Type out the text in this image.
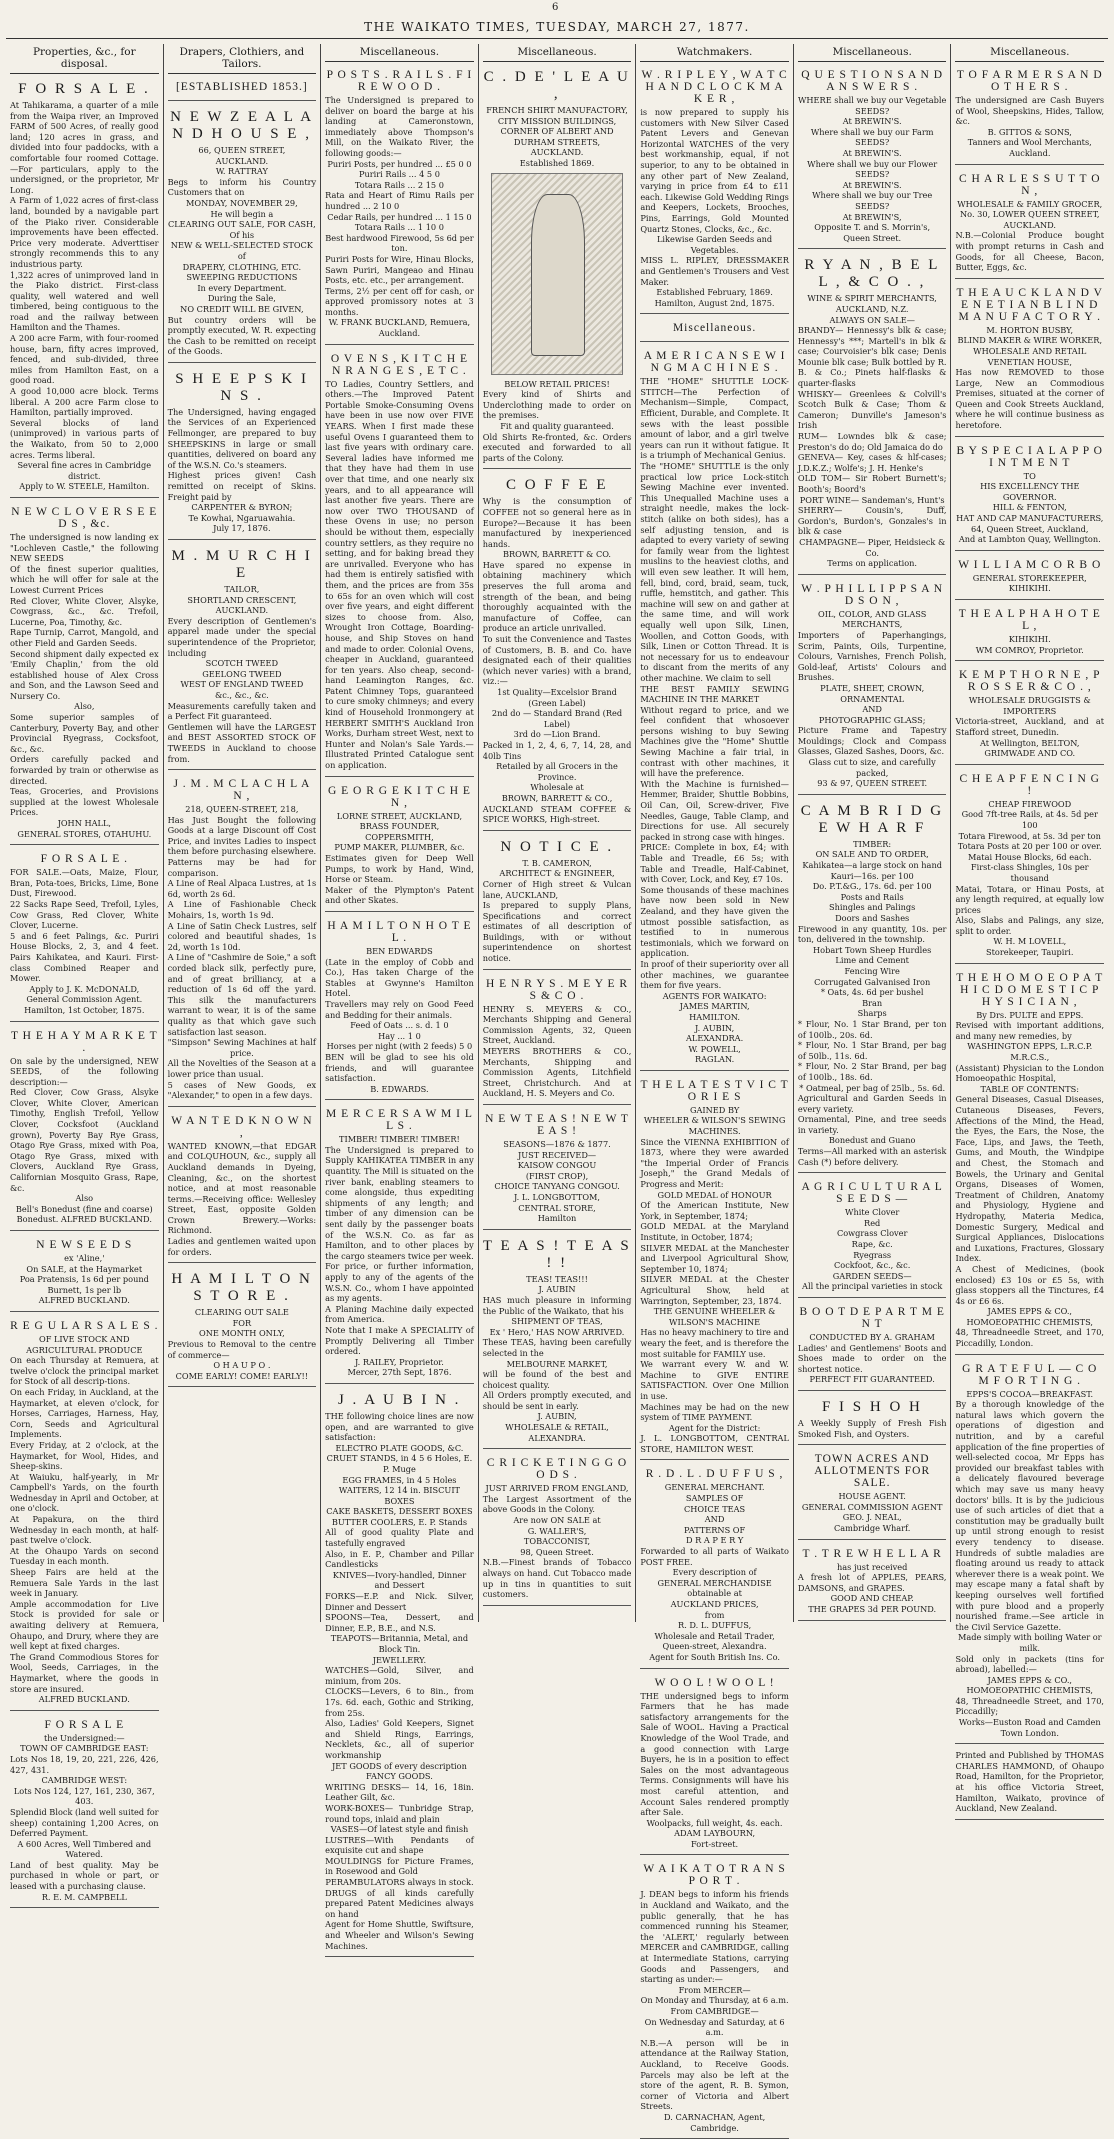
6
THE WAIKATO TIMES, TUESDAY, MARCH 27, 1877.
Properties, &c., for disposal.
F O R S A L E .
At Tahikarama, a quarter of a mile from the Waipa river, an Improved FARM of 500 Acres, of really good land; 120 acres in grass, and divided into four paddocks, with a comfortable four roomed Cottage.—For particulars, apply to the undersigned, or the proprietor, Mr Long.
A Farm of 1,022 acres of first-class land, bounded by a navigable part of the Piako river. Considerable improvements have been effected. Price very moderate. Adverttiser strongly recommends this to any industrious party.
1,322 acres of unimproved land in the Piako district. First-class quality, well watered and well timbered, being contiguous to the road and the railway between Hamilton and the Thames.
A 200 acre Farm, with four-roomed house, barn, fifty acres improved, fenced, and sub-divided, three miles from Hamilton East, on a good road.
A good 10,000 acre block. Terms liberal. A 200 acre Farm close to Hamilton, partially improved.
Several blocks of land (unimproved) in various parts of the Waikato, from 50 to 2,000 acres. Terms liberal.
Several fine acres in Cambridge district.
Apply to W. STEELE, Hamilton.
N E W C L O V E R S E E D S , &c.
The undersigned is now landing ex "Lochleven Castle," the following NEW SEEDS
Of the finest superior qualities, which he will offer for sale at the Lowest Current Prices
Red Clover, White Clover, Alsyke, Cowgrass, &c., &c. Trefoil, Lucerne, Poa, Timothy, &c.
Rape Turnip, Carrot, Mangold, and other Field and Garden Seeds.
Second shipment daily expected ex 'Emily Chaplin,' from the old established house of Alex Cross and Son, and the Lawson Seed and Nursery Co.
Also,
Some superior samples of Canterbury, Poverty Bay, and other Provincial Ryegrass, Cocksfoot, &c., &c.
Orders carefully packed and forwarded by train or otherwise as directed.
Teas, Groceries, and Provisions supplied at the lowest Wholesale Prices.
JOHN HALL,
GENERAL STORES, OTAHUHU.
F O R S A L E .
FOR SALE.—Oats, Maize, Flour, Bran, Pota-toes, Bricks, Lime, Bone Dust, Firewood.
22 Sacks Rape Seed, Trefoil, Lyles, Cow Grass, Red Clover, White Clover, Lucerne.
5 and 6 feet Palings, &c. Puriri House Blocks, 2, 3, and 4 feet. Pairs Kahikatea, and Kauri. First-class Combined Reaper and Mower.
Apply to J. K. McDONALD,
General Commission Agent.
Hamilton, 1st October, 1875.
T H E H A Y M A R K E T .
On sale by the undersigned, NEW SEEDS, of the following description:—
Red Clover, Cow Grass, Alsyke Clover, White Clover, American Timothy, English Trefoil, Yellow Clover, Cocksfoot (Auckland grown), Poverty Bay Rye Grass, Otago Rye Grass, mixed with Poa, Otago Rye Grass, mixed with Clovers, Auckland Rye Grass, Californian Mosquito Grass, Rape, &c.
Also
Bell's Bonedust (fine and coarse)
Bonedust. ALFRED BUCKLAND.
N E W S E E D S
ex 'Aline,'
On SALE, at the Haymarket
Poa Pratensis, 1s 6d per pound
Burnett, 1s per lb
ALFRED BUCKLAND.
R E G U L A R S A L E S .
OF LIVE STOCK AND AGRICULTURAL PRODUCE
On each Thursday at Remuera, at twelve o'clock the principal market for Stock of all descrip-tions.
On each Friday, in Auckland, at the Haymarket, at eleven o'clock, for Horses, Carriages, Harness, Hay, Corn, Seeds and Agricultural Implements.
Every Friday, at 2 o'clock, at the Haymarket, for Wool, Hides, and Sheep-skins.
At Waiuku, half-yearly, in Mr Campbell's Yards, on the fourth Wednesday in April and October, at one o'clock.
At Papakura, on the third Wednesday in each month, at half-past twelve o'clock.
At the Ohaupo Yards on second Tuesday in each month.
Sheep Fairs are held at the Remuera Sale Yards in the last week in January.
Ample accommodation for Live Stock is provided for sale or awaiting delivery at Remuera, Ohaupo, and Drury, where they are well kept at fixed charges.
The Grand Commodious Stores for Wool, Seeds, Carriages, in the Haymarket, where the goods in store are insured.
ALFRED BUCKLAND.
F O R S A L E
the Undersigned:—
TOWN OF CAMBRIDGE EAST:
Lots Nos 18, 19, 20, 221, 226, 426, 427, 431.
CAMBRIDGE WEST:
Lots Nos 124, 127, 161, 230, 367, 403.
Splendid Block (land well suited for sheep) containing 1,200 Acres, on Deferred Payment.
A 600 Acres, Well Timbered and Watered.
Land of best quality. May be purchased in whole or part, or leased with a purchasing clause.
R. E. M. CAMPBELL
Drapers, Clothiers, and Tailors.
[ESTABLISHED 1853.]
N E W Z E A L A N D H O U S E ,
66, QUEEN STREET,
AUCKLAND.
W. RATTRAY
Begs to inform his Country Customers that on
MONDAY, NOVEMBER 29,
He will begin a
CLEARING OUT SALE, FOR CASH,
Of his
NEW & WELL-SELECTED STOCK of
DRAPERY, CLOTHING, ETC.
SWEEPING REDUCTIONS
In every Department.
During the Sale,
NO CREDIT WILL BE GIVEN,
But country orders will be promptly executed, W. R. expecting the Cash to be remitted on receipt of the Goods.
S H E E P S K I N S .
The Undersigned, having engaged the Services of an Experienced Fellmonger, are prepared to buy SHEEPSKINS in large or small quantities, delivered on board any of the W.S.N. Co.'s steamers.
Highest prices given! Cash remitted on receipt of Skins. Freight paid by
CARPENTER & BYRON;
Te Kowhai, Ngaruawahia.
July 17, 1876.
M . M U R C H I E
TAILOR,
SHORTLAND CRESCENT, AUCKLAND.
Every description of Gentlemen's apparel made under the special superintendence of the Proprietor, including
SCOTCH TWEED
GEELONG TWEED
WEST OF ENGLAND TWEED
&c., &c., &c.
Measurements carefully taken and a Perfect Fit guaranteed.
Gentlemen will have the LARGEST and BEST ASSORTED STOCK OF TWEEDS in Auckland to choose from.
J . M . M C L A C H L A N ,
218, QUEEN-STREET, 218,
Has Just Bought the following Goods at a large Discount off Cost Price, and invites Ladies to inspect them before purchasing elsewhere. Patterns may be had for comparison.
A Line of Real Alpaca Lustres, at 1s 6d, worth 2s 6d.
A Line of Fashionable Check Mohairs, 1s, worth 1s 9d.
A Line of Satin Check Lustres, self colored and beautiful shades, 1s 2d, worth 1s 10d.
A Line of "Cashmire de Soie," a soft corded black silk, perfectly pure, and of great brilliancy, at a reduction of 1s 6d off the yard. This silk the manufacturers warrant to wear, it is of the same quality as that which gave such satisfaction last season.
"Simpson" Sewing Machines at half price.
All the Novelties of the Season at a lower price than usual.
5 cases of New Goods, ex "Alexander," to open in a few days.
W A N T E D K N O W N ,
WANTED KNOWN,—that EDGAR and COLQUHOUN, &c., supply all Auckland demands in Dyeing, Cleaning, &c., on the shortest notice, and at most reasonable terms.—Receiving office: Wellesley Street, East, opposite Golden Crown Brewery.—Works: Richmond.
Ladies and gentlemen waited upon for orders.
H A M I L T O N S T O R E .
CLEARING OUT SALE
FOR
ONE MONTH ONLY,
Previous to Removal to the centre of commerce—
O H A U P O .
COME EARLY! COME! EARLY!!
Miscellaneous.
P O S T S . R A I L S . F I R E W O O D .
The Undersigned is prepared to deliver on board the barge at his landing at Cameronstown, immediately above Thompson's Mill, on the Waikato River, the following goods:—
Puriri Posts, per hundred ... £5 0 0
Puriri Rails ... 4 5 0
Totara Rails ... 2 15 0
Rata and Heart of Rimu Rails per hundred ... 2 10 0
Cedar Rails, per hundred ... 1 15 0
Totara Rails ... 1 10 0
Best hardwood Firewood, 5s 6d per ton.
Puriri Posts for Wire, Hinau Blocks, Sawn Puriri, Mangeao and Hinau Posts, etc. etc., per arrangement.
Terms, 2½ per cent off for cash, or approved promissory notes at 3 months.
W. FRANK BUCKLAND, Remuera, Auckland.
O V E N S , K I T C H E N R A N G E S , E T C .
TO Ladies, Country Settlers, and others.—The Improved Patent Portable Smoke-Consuming Ovens have been in use now over FIVE YEARS. When I first made these useful Ovens I guaranteed them to last five years with ordinary care. Several ladies have informed me that they have had them in use over that time, and one nearly six years, and to all appearance will last another five years. There are now over TWO THOUSAND of these Ovens in use; no person should be without them, especially country settlers, as they require no setting, and for baking bread they are unrivalled. Everyone who has had them is entirely satisfied with them, and the prices are from 35s to 65s for an oven which will cost over five years, and eight different sizes to choose from. Also, Wrought Iron Cottage, Boarding-house, and Ship Stoves on hand and made to order. Colonial Ovens, cheaper in Auckland, guaranteed for ten years. Also cheap, second-hand Leamington Ranges, &c. Patent Chimney Tops, guaranteed to cure smoky chimneys; and every kind of Household Ironmongery at HERBERT SMITH'S Auckland Iron Works, Durham street West, next to Hunter and Nolan's Sale Yards.—Illustrated Printed Catalogue sent on application.
G E O R G E K I T C H E N ,
LORNE STREET, AUCKLAND,
BRASS FOUNDER, COPPERSMITH,
PUMP MAKER, PLUMBER, &c.
Estimates given for Deep Well Pumps, to work by Hand, Wind, Horse or Steam.
Maker of the Plympton's Patent and other Skates.
H A M I L T O N H O T E L .
BEN EDWARDS
(Late in the employ of Cobb and Co.), Has taken Charge of the Stables at Gwynne's Hamilton Hotel.
Travellers may rely on Good Feed and Bedding for their animals.
Feed of Oats ... s. d. 1 0
Hay ... 1 0
Horses per night (with 2 feeds) 5 0
BEN will be glad to see his old friends, and will guarantee satisfaction.
B. EDWARDS.
M E R C E R S A W M I L L S .
TIMBER! TIMBER! TIMBER!
The Undersigned is prepared to Supply KAHIKATEA TIMBER in any quantity. The Mill is situated on the river bank, enabling steamers to come alongside, thus expediting shipments of any length; and timber of any dimension can be sent daily by the passenger boats of the W.S.N. Co. as far as Hamilton, and to other places by the cargo steamers twice per week.
For price, or further information, apply to any of the agents of the W.S.N. Co., whom I have appointed as my agents.
A Planing Machine daily expected from America.
Note that I make A SPECIALITY of Promptly Delivering all Timber ordered.
J. RAILEY, Proprietor.
Mercer, 27th Sept, 1876.
J . A U B I N .
THE following choice lines are now open, and are warranted to give satisfaction:
ELECTRO PLATE GOODS, &C.
CRUET STANDS, in 4 5 6 Holes, E. P. Muge
EGG FRAMES, in 4 5 Holes
WAITERS, 12 14 in. BISCUIT BOXES
CAKE BASKETS, DESSERT BOXES
BUTTER COOLERS, E. P. Stands
All of good quality Plate and tastefully engraved
Also, in E. P., Chamber and Pillar Candlesticks
KNIVES—Ivory-handled, Dinner and Dessert
FORKS—E.P. and Nick. Silver, Dinner and Dessert
SPOONS—Tea, Dessert, and Dinner, E.P., B.E., and N.S.
TEAPOTS—Britannia, Metal, and Block Tin.
JEWELLERY.
WATCHES—Gold, Silver, and minium, from 20s.
CLOCKS—Levers, 6 to 8in., from 17s. 6d. each, Gothic and Striking, from 25s.
Also, Ladies' Gold Keepers, Signet and Shield Rings, Earrings, Necklets, &c., all of superior workmanship
JET GOODS of every description
FANCY GOODS.
WRITING DESKS— 14, 16, 18in. Leather Gilt, &c.
WORK-BOXES— Tunbridge Strap, round tops, inlaid and plain
VASES—Of latest style and finish
LUSTRES—With Pendants of exquisite cut and shape
MOULDINGS for Picture Frames, in Rosewood and Gold
PERAMBULATORS always in stock.
DRUGS of all kinds carefully prepared Patent Medicines always on hand
Agent for Home Shuttle, Swiftsure, and Wheeler and Wilson's Sewing Machines.
Miscellaneous.
C . D E ' L E A U ,
FRENCH SHIRT MANUFACTORY,
CITY MISSION BUILDINGS,
CORNER OF ALBERT AND DURHAM STREETS,
AUCKLAND.
Established 1869.
BELOW RETAIL PRICES!
Every kind of Shirts and Underclothing made to order on the premises.
Fit and quality guaranteed.
Old Shirts Re-fronted, &c. Orders executed and forwarded to all parts of the Colony.
C O F F E E
Why is the consumption of COFFEE not so general here as in Europe?—Because it has been manufactured by inexperienced hands.
BROWN, BARRETT & CO.
Have spared no expense in obtaining machinery which preserves the full aroma and strength of the bean, and being thoroughly acquainted with the manufacture of Coffee, can produce an article unrivalled.
To suit the Convenience and Tastes of Customers, B. B. and Co. have designated each of their qualities (which never varies) with a brand, viz.:—
1st Quality—Excelsior Brand (Green Label)
2nd do — Standard Brand (Red Label)
3rd do —Lion Brand.
Packed in 1, 2, 4, 6, 7, 14, 28, and 40lb Tins
Retailed by all Grocers in the Province.
Wholesale at
BROWN, BARRETT & CO.,
AUCKLAND STEAM COFFEE & SPICE WORKS, High-street.
N O T I C E .
T. B. CAMERON,
ARCHITECT & ENGINEER,
Corner of High street & Vulcan lane, AUCKLAND,
Is prepared to supply Plans, Specifications and correct estimates of all description of Buildings, with or without superintendence on shortest notice.
H E N R Y S . M E Y E R S & C O .
HENRY S. MEYERS & CO., Merchants Shipping and General Commission Agents, 32, Queen Street, Auckland.
MEYERS BROTHERS & CO., Merchants, Shipping and Commission Agents, Litchfield Street, Christchurch. And at Auckland, H. S. Meyers and Co.
N E W T E A S ! N E W T E A S !
SEASONS—1876 & 1877.
JUST RECEIVED—
KAISOW CONGOU
(FIRST CROP),
CHOICE TANYANG CONGOU.
J. L. LONGBOTTOM,
CENTRAL STORE,
Hamilton
T E A S ! T E A S ! !
TEAS! TEAS!!!
J. AUBIN
HAS much pleasure in informing the Public of the Waikato, that his
SHIPMENT OF TEAS,
Ex ' Hero,' HAS NOW ARRIVED.
These TEAS, having been carefully selected in the
MELBOURNE MARKET,
will be found of the best and choicest quality.
All Orders promptly executed, and should be sent in early.
J. AUBIN,
WHOLESALE & RETAIL,
ALEXANDRA.
C R I C K E T I N G G O O D S .
JUST ARRIVED FROM ENGLAND,
The Largest Assortment of the above Goods in the Colony.
Are now ON SALE at
G. WALLER'S,
TOBACCONIST,
98, Queen Street.
N.B.—Finest brands of Tobacco always on hand. Cut Tobacco made up in tins in quantities to suit customers.
Watchmakers.
W . R I P L E Y , W A T C H A N D C L O C K M A K E R ,
is now prepared to supply his customers with New Silver Cased Patent Levers and Genevan Horizontal WATCHES of the very best workmanship, equal, if not superior, to any to be obtained in any other part of New Zealand, varying in price from £4 to £11 each. Likewise Gold Wedding Rings and Keepers, Lockets, Brooches, Pins, Earrings, Gold Mounted Quartz Stones, Clocks, &c., &c.
Likewise Garden Seeds and Vegetables.
MISS L. RIPLEY, DRESSMAKER and Gentlemen's Trousers and Vest Maker.
Established February, 1869.
Hamilton, August 2nd, 1875.
Miscellaneous.
A M E R I C A N S E W I N G M A C H I N E S .
THE "HOME" SHUTTLE LOCK-STITCH—The Perfection of Mechanism—Simple, Compact, Efficient, Durable, and Complete. It sews with the least possible amount of labor, and a girl twelve years can run it without fatigue. It is a triumph of Mechanical Genius.
The "HOME" SHUTTLE is the only practical low price Lock-stitch Sewing Machine ever invented. This Unequalled Machine uses a straight needle, makes the lock-stitch (alike on both sides), has a self adjusting tension, and is adapted to every variety of sewing for family wear from the lightest muslins to the heaviest cloths, and will even sew leather. It will hem, fell, bind, cord, braid, seam, tuck, ruffle, hemstitch, and gather. This machine will sew on and gather at the same time, and will work equally well upon Silk, Linen, Woollen, and Cotton Goods, with Silk, Linen or Cotton Thread. It is not necessary for us to endeavour to discant from the merits of any other machine. We claim to sell
THE BEST FAMILY SEWING MACHINE IN THE MARKET
Without regard to price, and we feel confident that whosoever persons wishing to buy Sewing Machines give the "Home" Shuttle Sewing Machine a fair trial, in contrast with other machines, it will have the preference.
With the Machine is furnished—Hemmer, Braider, Shuttle Bobbins, Oil Can, Oil, Screw-driver, Five Needles, Gauge, Table Clamp, and Directions for use. All securely packed in strong case with hinges.
PRICE: Complete in box, £4; with Table and Treadle, £6 5s; with Table and Treadle, Half-Cabinet, with Cover, Lock, and Key, £7 10s.
Some thousands of these machines have now been sold in New Zealand, and they have given the utmost possible satisfaction, as testified to in numerous testimonials, which we forward on application.
In proof of their superiority over all other machines, we guarantee them for five years.
AGENTS FOR WAIKATO:
JAMES MARTIN,
HAMILTON.
J. AUBIN,
ALEXANDRA.
W. POWELL,
RAGLAN.
T H E L A T E S T V I C T O R I E S
GAINED BY
WHEELER & WILSON'S SEWING MACHINES.
Since the VIENNA EXHIBITION of 1873, where they were awarded "the Imperial Order of Francis Joseph," the Grand Medals of Progress and Merit:
GOLD MEDAL of HONOUR
Of the American Institute, New York, in September, 1874;
GOLD MEDAL at the Maryland Institute, in October, 1874;
SILVER MEDAL at the Manchester and Liverpool Agricultural Show, September 10, 1874;
SILVER MEDAL at the Chester Agricultural Show, held at Warrington, September, 23, 1874.
THE GENUINE WHEELER & WILSON'S MACHINE
Has no heavy machinery to tire and weary the feet, and is therefore the most suitable for FAMILY use.
We warrant every W. and W. Machine to GIVE ENTIRE SATISFACTION. Over One Million in use.
Machines may be had on the new system of TIME PAYMENT.
Agent for the District:
J. L. LONGBOTTOM, CENTRAL STORE, HAMILTON WEST.
R . D . L . D U F F U S ,
GENERAL MERCHANT.
SAMPLES OF
CHOICE TEAS
AND
PATTERNS OF
D R A P E R Y
Forwarded to all parts of Waikato POST FREE.
Every description of
GENERAL MERCHANDISE
obtainable at
AUCKLAND PRICES,
from
R. D. L. DUFFUS,
Wholesale and Retail Trader,
Queen-street, Alexandra.
Agent for South British Ins. Co.
W O O L ! W O O L !
THE undersigned begs to inform Farmers that he has made satisfactory arrangements for the Sale of WOOL. Having a Practical Knowledge of the Wool Trade, and a good connection with Large Buyers, he is in a position to effect Sales on the most advantageous Terms. Consignments will have his most careful attention, and Account Sales rendered promptly after Sale.
Woolpacks, full weight, 4s. each.
ADAM LAYBOURN,
Fort-street.
W A I K A T O T R A N S P O R T .
J. DEAN begs to inform his friends in Auckland and Waikato, and the public generally, that he has commenced running his Steamer, the 'ALERT,' regularly between MERCER and CAMBRIDGE, calling at Intermediate Stations, carrying Goods and Passengers, and starting as under:—
From MERCER—
On Monday and Thursday, at 6 a.m.
From CAMBRIDGE—
On Wednesday and Saturday, at 6 a.m.
N.B.—A person will be in attendance at the Railway Station, Auckland, to Receive Goods. Parcels may also be left at the store of the agent, R. B. Symon, corner of Victoria and Albert Streets.
D. CARNACHAN, Agent, Cambridge.
Miscellaneous.
Q U E S T I O N S A N D A N S W E R S .
WHERE shall we buy our Vegetable SEEDS?
At BREWIN'S.
Where shall we buy our Farm SEEDS?
At BREWIN'S.
Where shall we buy our Flower SEEDS?
At BREWIN'S.
Where shall we buy our Tree SEEDS?
At BREWIN'S,
Opposite T. and S. Morrin's,
Queen Street.
R Y A N , B E L L , & C O . ,
WINE & SPIRIT MERCHANTS,
AUCKLAND, N.Z.
ALWAYS ON SALE—
BRANDY— Hennessy's blk & case; Hennessy's ***; Martell's in blk & case; Courvoisier's blk case; Denis Mounie blk case; Bulk bottled by R. B. & Co.; Pinets half-flasks & quarter-flasks
WHISKY— Greenlees & Colvill's Scotch Bulk & Case; Thom & Cameron; Dunville's Jameson's Irish
RUM— Lowndes blk & case; Preston's do do; Old Jamaica do do
GENEVA— Key, cases & hlf-cases; J.D.K.Z.; Wolfe's; J. H. Henke's
OLD TOM— Sir Robert Burnett's; Booth's; Boord's
PORT WINE— Sandeman's, Hunt's
SHERRY— Cousin's, Duff, Gordon's, Burdon's, Gonzales's in blk & case
CHAMPAGNE— Piper, Heidsieck & Co.
Terms on application.
W . P H I L L I P P S A N D S O N ,
OIL, COLOR, AND GLASS MERCHANTS,
Importers of Paperhangings, Scrim, Paints, Oils, Turpentine, Colours, Varnishes, French Polish, Gold-leaf, Artists' Colours and Brushes.
PLATE, SHEET, CROWN,
ORNAMENTAL
AND
PHOTOGRAPHIC GLASS;
Picture Frame and Tapestry Mouldings; Clock and Compass Glasses, Glazed Sashes, Doors, &c.
Glass cut to size, and carefully packed,
93 & 97, QUEEN STREET.
C A M B R I D G E W H A R F
TIMBER:
ON SALE AND TO ORDER,
Kahikatea—a large stock on hand
Kauri—16s. per 100
Do. P.T.&G., 17s. 6d. per 100
Posts and Rails
Shingles and Palings
Doors and Sashes
Firewood in any quantity, 10s. per ton, delivered in the township.
Hobart Town Sheep Hurdles
Lime and Cement
Fencing Wire
Corrugated Galvanised Iron
* Oats, 4s. 6d per bushel
Bran
Sharps
* Flour, No. 1 Star Brand, per ton of 100lb., 20s. 6d.
* Flour, No. 1 Star Brand, per bag of 50lb., 11s. 6d.
* Flour, No. 2 Star Brand, per bag of 100lb., 18s. 6d.
* Oatmeal, per bag of 25lb., 5s. 6d.
Agricultural and Garden Seeds in every variety.
Ornamental, Pine, and tree seeds in variety.
Bonedust and Guano
Terms—All marked with an asterisk Cash (*) before delivery.
A G R I C U L T U R A L S E E D S —
White Clover
Red
Cowgrass Clover
Rape, &c.
Ryegrass
Cockfoot, &c., &c.
GARDEN SEEDS—
All the principal varieties in stock
B O O T D E P A R T M E N T
CONDUCTED BY A. GRAHAM
Ladies' and Gentlemens' Boots and Shoes made to order on the shortest notice.
PERFECT FIT GUARANTEED.
F I S H O H
A Weekly Supply of Fresh Fish Smoked Fish, and Oysters.
TOWN ACRES AND ALLOTMENTS FOR SALE.
HOUSE AGENT.
GENERAL COMMISSION AGENT
GEO. J. NEAL,
Cambridge Wharf.
T . T R E W H E L L A R
has just received
A fresh lot of APPLES, PEARS, DAMSONS, and GRAPES.
GOOD AND CHEAP.
THE GRAPES 3d PER POUND.
Miscellaneous.
T O F A R M E R S A N D O T H E R S .
The undersigned are Cash Buyers of Wool, Sheepskins, Hides, Tallow, &c.
B. GITTOS & SONS,
Tanners and Wool Merchants,
Auckland.
C H A R L E S S U T T O N ,
WHOLESALE & FAMILY GROCER,
No. 30, LOWER QUEEN STREET,
AUCKLAND.
N.B.—Colonial Produce bought with prompt returns in Cash and Goods, for all Cheese, Bacon, Butter, Eggs, &c.
T H E A U C K L A N D V E N E T I A N B L I N D M A N U F A C T O R Y .
M. HORTON BUSBY,
BLIND MAKER & WIRE WORKER,
WHOLESALE AND RETAIL
VENETIAN HOUSE,
Has now REMOVED to those Large, New an Commodious Premises, situated at the corner of Queen and Cook Streets Auckland, where he will continue business as heretofore.
B Y S P E C I A L A P P O I N T M E N T
TO
HIS EXCELLENCY THE GOVERNOR.
HILL & FENTON,
HAT AND CAP MANUFACTURERS,
64, Queen Street, Auckland,
And at Lambton Quay, Wellington.
W I L L I A M C O R B O
GENERAL STOREKEEPER,
KIHIKIHI.
T H E A L P H A H O T E L ,
KIHIKIHI.
WM COMROY, Proprietor.
K E M P T H O R N E , P R O S S E R & C O . ,
WHOLESALE DRUGGISTS & IMPORTERS
Victoria-street, Auckland, and at Stafford street, Dunedin.
At Wellington, BELTON, GRIMWADE AND CO.
C H E A P F E N C I N G !
CHEAP FIREWOOD
Good 7ft-tree Rails, at 4s. 5d per 100
Totara Firewood, at 5s. 3d per ton
Totara Posts at 20 per 100 or over.
Matai House Blocks, 6d each.
First-class Shingles, 10s per thousand
Matai, Totara, or Hinau Posts, at any length required, at equally low prices
Also, Slabs and Palings, any size, split to order.
W. H. M LOVELL,
Storekeeper, Taupiri.
T H E H O M O E O P A T H I C D O M E S T I C P H Y S I C I A N ,
By Drs. PULTE and EPPS.
Revised with important additions, and many new remedies, by
WASHINGTON EPPS, L.R.C.P.
M.R.C.S.,
(Assistant) Physician to the London Homoeopathic Hospital,
TABLE OF CONTENTS:
General Diseases, Casual Diseases, Cutaneous Diseases, Fevers, Affections of the Mind, the Head, the Eyes, the Ears, the Nose, the Face, Lips, and Jaws, the Teeth, Gums, and Mouth, the Windpipe and Chest, the Stomach and Bowels, the Urinary and Genital Organs, Diseases of Women, Treatment of Children, Anatomy and Physiology, Hygiene and Hydropathy, Materia Medica, Domestic Surgery, Medical and Surgical Appliances, Dislocations and Luxations, Fractures, Glossary Index.
A Chest of Medicines, (book enclosed) £3 10s or £5 5s, with glass stoppers all the Tinctures, £4 4s or £6 6s.
JAMES EPPS & CO.,
HOMOEOPATHIC CHEMISTS,
48, Threadneedle Street, and 170, Piccadilly, London.
G R A T E F U L — C O M F O R T I N G .
EPPS'S COCOA—BREAKFAST.
By a thorough knowledge of the natural laws which govern the operations of digestion and nutrition, and by a careful application of the fine properties of well-selected cocoa, Mr Epps has provided our breakfast tables with a delicately flavoured beverage which may save us many heavy doctors' bills. It is by the judicious use of such articles of diet that a constitution may be gradually built up until strong enough to resist every tendency to disease. Hundreds of subtle maladies are floating around us ready to attack wherever there is a weak point. We may escape many a fatal shaft by keeping ourselves well fortified with pure blood and a properly nourished frame.—See article in the Civil Service Gazette.
Made simply with boiling Water or milk.
Sold only in packets (tins for abroad), labelled:—
JAMES EPPS & CO.,
HOMOEOPATHIC CHEMISTS,
48, Threadneedle Street, and 170, Piccadilly;
Works—Euston Road and Camden Town London.
Printed and Published by THOMAS CHARLES HAMMOND, of Ohaupo Road, Hamilton, for the Proprietor, at his office Victoria Street, Hamilton, Waikato, province of Auckland, New Zealand.
